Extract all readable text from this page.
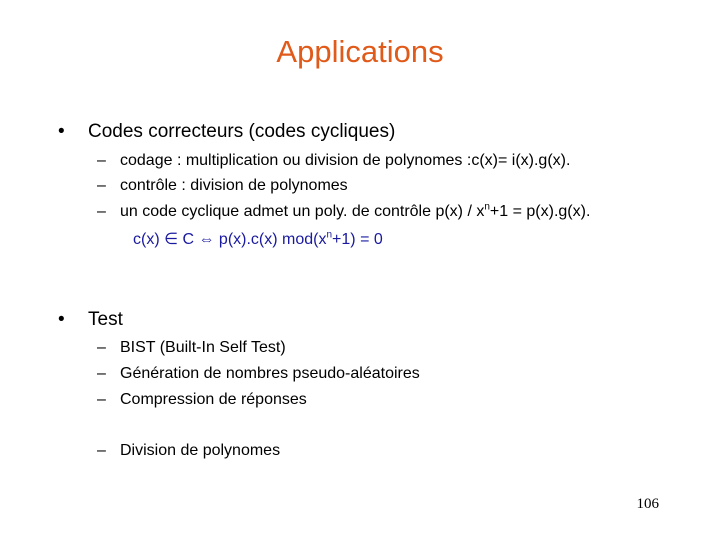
Applications
• Codes correcteurs (codes cycliques)
– codage : multiplication ou division de polynomes :c(x)= i(x).g(x).
– contrôle : division de polynomes
– un code cyclique admet un poly. de contrôle $p(x) / x^n+1 = p(x).g(x)$.
c(x) ∈ C ⇔ p(x).c(x) $mod(x^n+1) = 0$
• Test
– BIST (Built-In Self Test)
– Génération de nombres pseudo-aléatoires
– Compression de réponses
– Division de polynomes
106
